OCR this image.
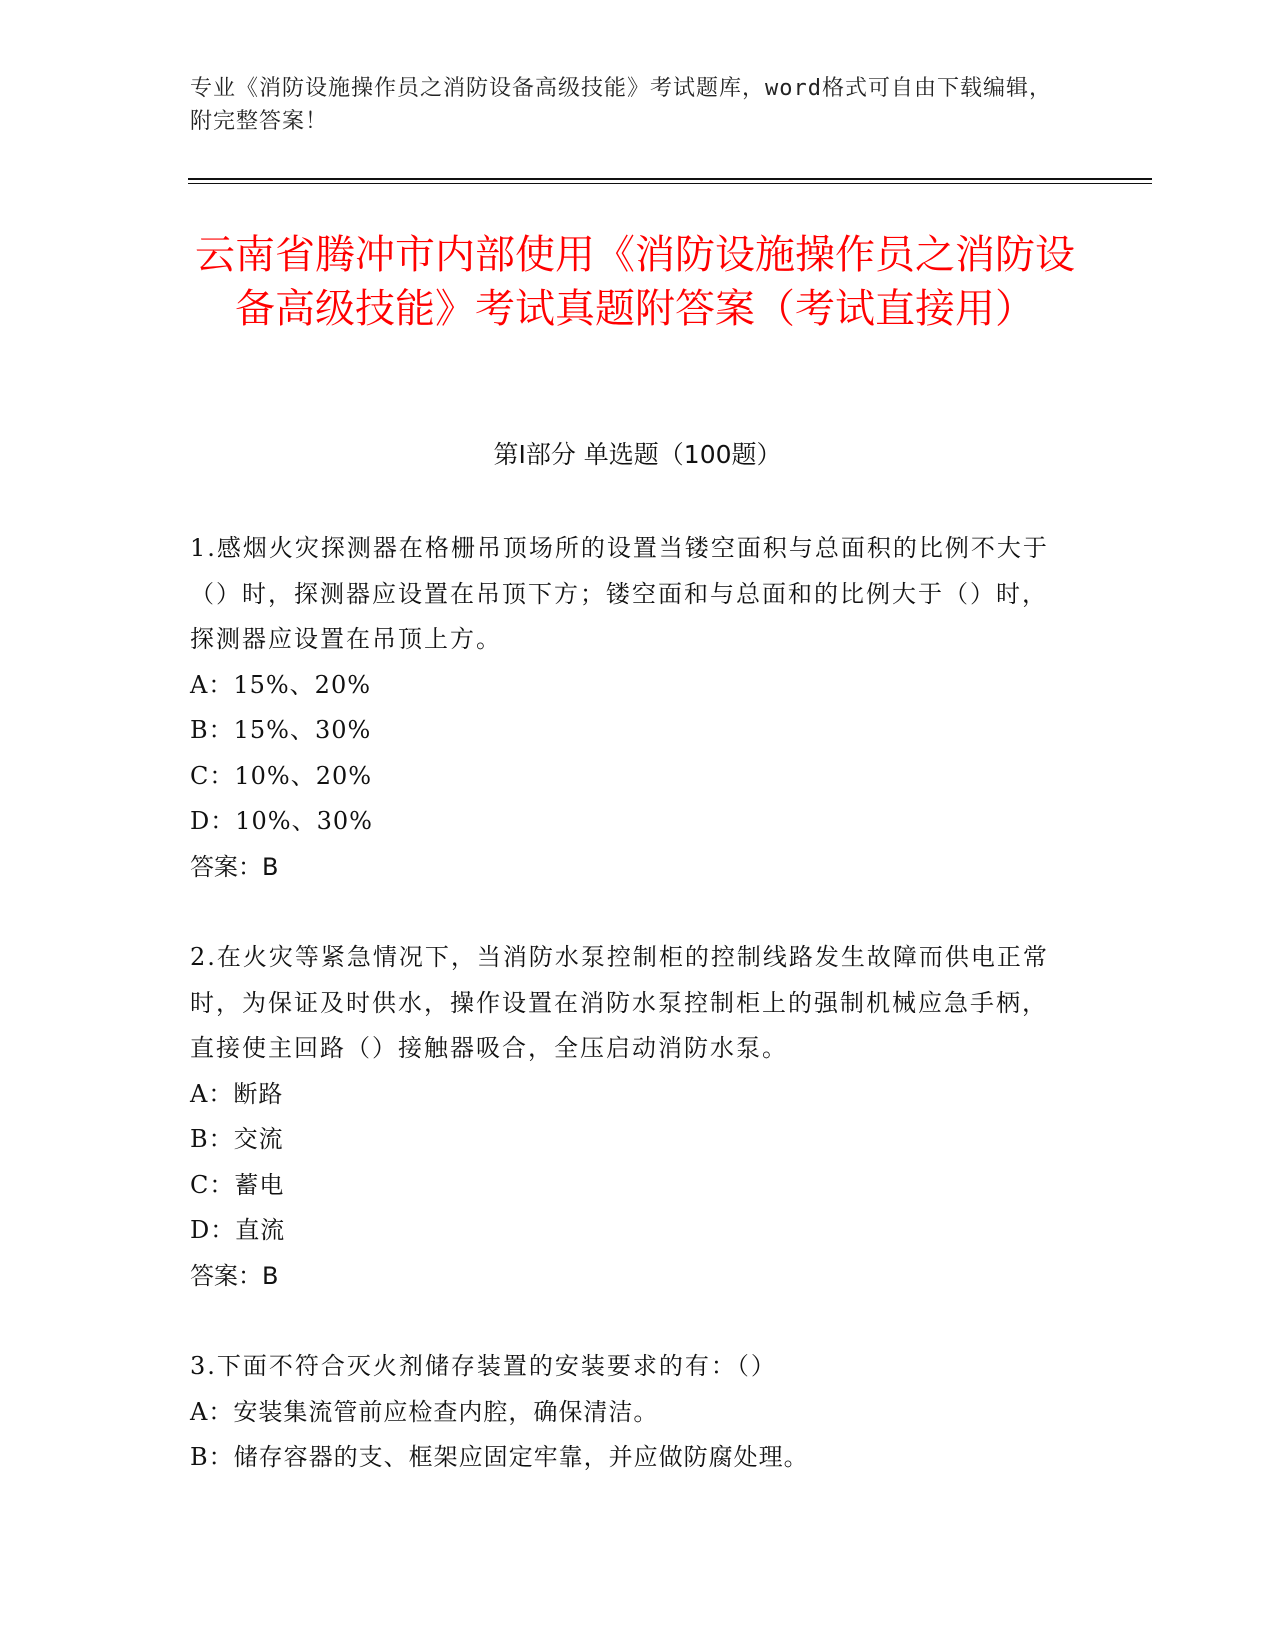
专业《消防设施操作员之消防设备高级技能》考试题库，word格式可自由下载编辑，附完整答案！
云南省腾冲市内部使用《消防设施操作员之消防设备高级技能》考试真题附答案（考试直接用）
第I部分 单选题（100题）

1.感烟火灾探测器在格栅吊顶场所的设置当镂空面积与总面积的比例不大于（）时，探测器应设置在吊顶下方；镂空面和与总面和的比例大于（）时，探测器应设置在吊顶上方。

A：15%、20%

B：15%、30%

C：10%、20%

D：10%、30%

答案：B

2.在火灾等紧急情况下，当消防水泵控制柜的控制线路发生故障而供电正常时，为保证及时供水，操作设置在消防水泵控制柜上的强制机械应急手柄，直接使主回路（）接触器吸合，全压启动消防水泵。

A：断路

B：交流

C：蓄电

D：直流

答案：B

3.下面不符合灭火剂储存装置的安装要求的有：（）

A：安装集流管前应检查内腔，确保清洁。

B：储存容器的支、框架应固定牢靠，并应做防腐处理。
